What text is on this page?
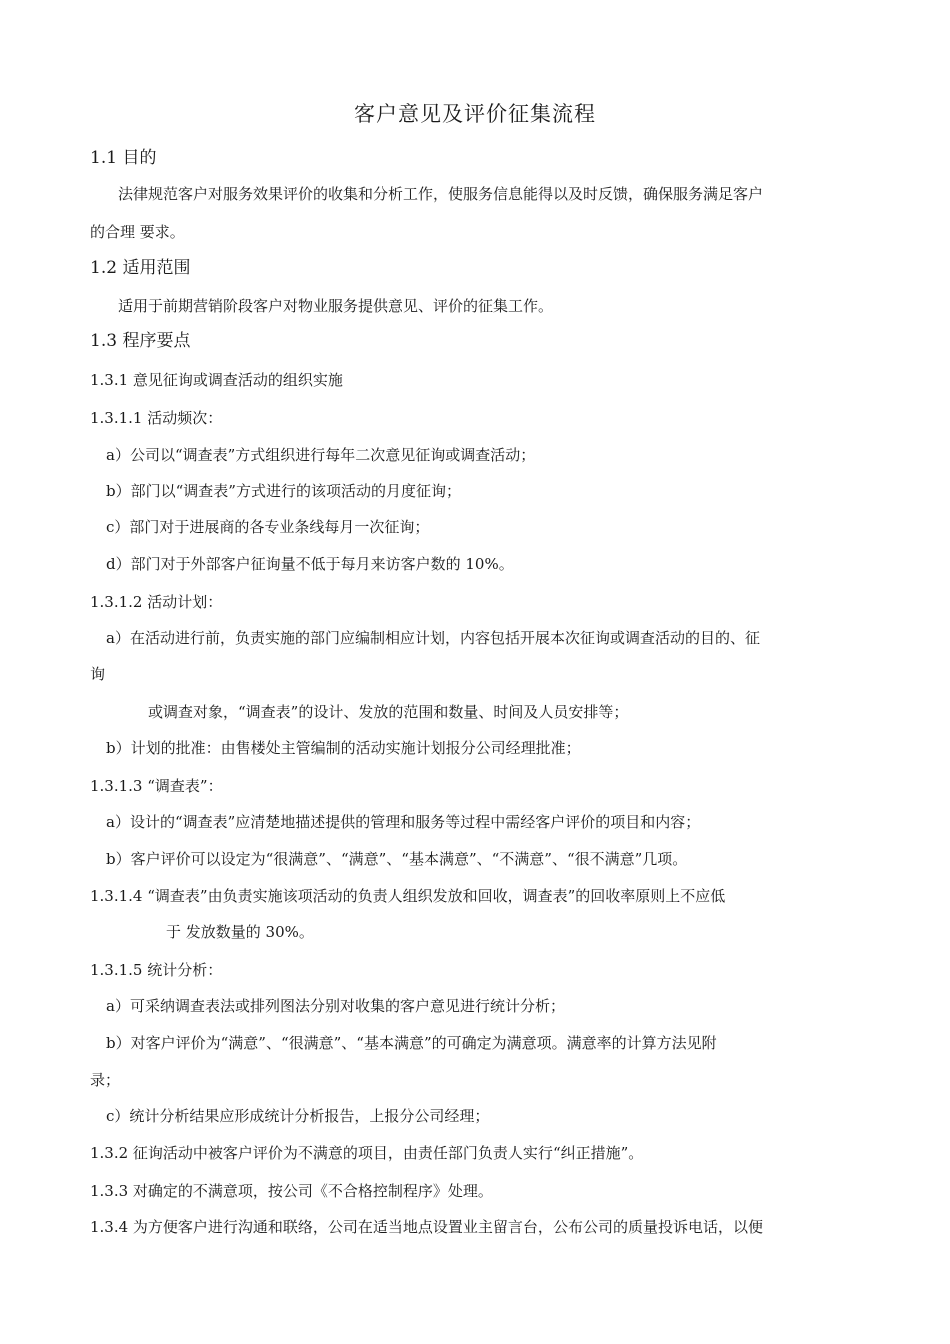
客户意见及评价征集流程
1.1 目的
法律规范客户对服务效果评价的收集和分析工作，使服务信息能得以及时反馈，确保服务满足客户
的合理 要求。
1.2 适用范围
适用于前期营销阶段客户对物业服务提供意见、评价的征集工作。
1.3 程序要点
1.3.1 意见征询或调查活动的组织实施
1.3.1.1 活动频次：
a）公司以“调查表”方式组织进行每年二次意见征询或调查活动；
b）部门以“调查表”方式进行的该项活动的月度征询；
c）部门对于进展商的各专业条线每月一次征询；
d）部门对于外部客户征询量不低于每月来访客户数的 10%。
1.3.1.2 活动计划：
a）在活动进行前，负责实施的部门应编制相应计划，内容包括开展本次征询或调查活动的目的、征
询
或调查对象，“调查表”的设计、发放的范围和数量、时间及人员安排等；
b）计划的批准：由售楼处主管编制的活动实施计划报分公司经理批准；
1.3.1.3 “调查表”：
a）设计的“调查表”应清楚地描述提供的管理和服务等过程中需经客户评价的项目和内容；
b）客户评价可以设定为“很满意”、“满意”、“基本满意”、“不满意”、“很不满意”几项。
1.3.1.4 “调查表”由负责实施该项活动的负责人组织发放和回收，调查表”的回收率原则上不应低
于 发放数量的 30%。
1.3.1.5 统计分析：
a）可采纳调查表法或排列图法分别对收集的客户意见进行统计分析；
b）对客户评价为“满意”、“很满意”、“基本满意”的可确定为满意项。满意率的计算方法见附
录；
c）统计分析结果应形成统计分析报告，上报分公司经理；
1.3.2 征询活动中被客户评价为不满意的项目，由责任部门负责人实行“纠正措施”。
1.3.3 对确定的不满意项，按公司《不合格控制程序》处理。
1.3.4 为方便客户进行沟通和联络，公司在适当地点设置业主留言台，公布公司的质量投诉电话，以便
